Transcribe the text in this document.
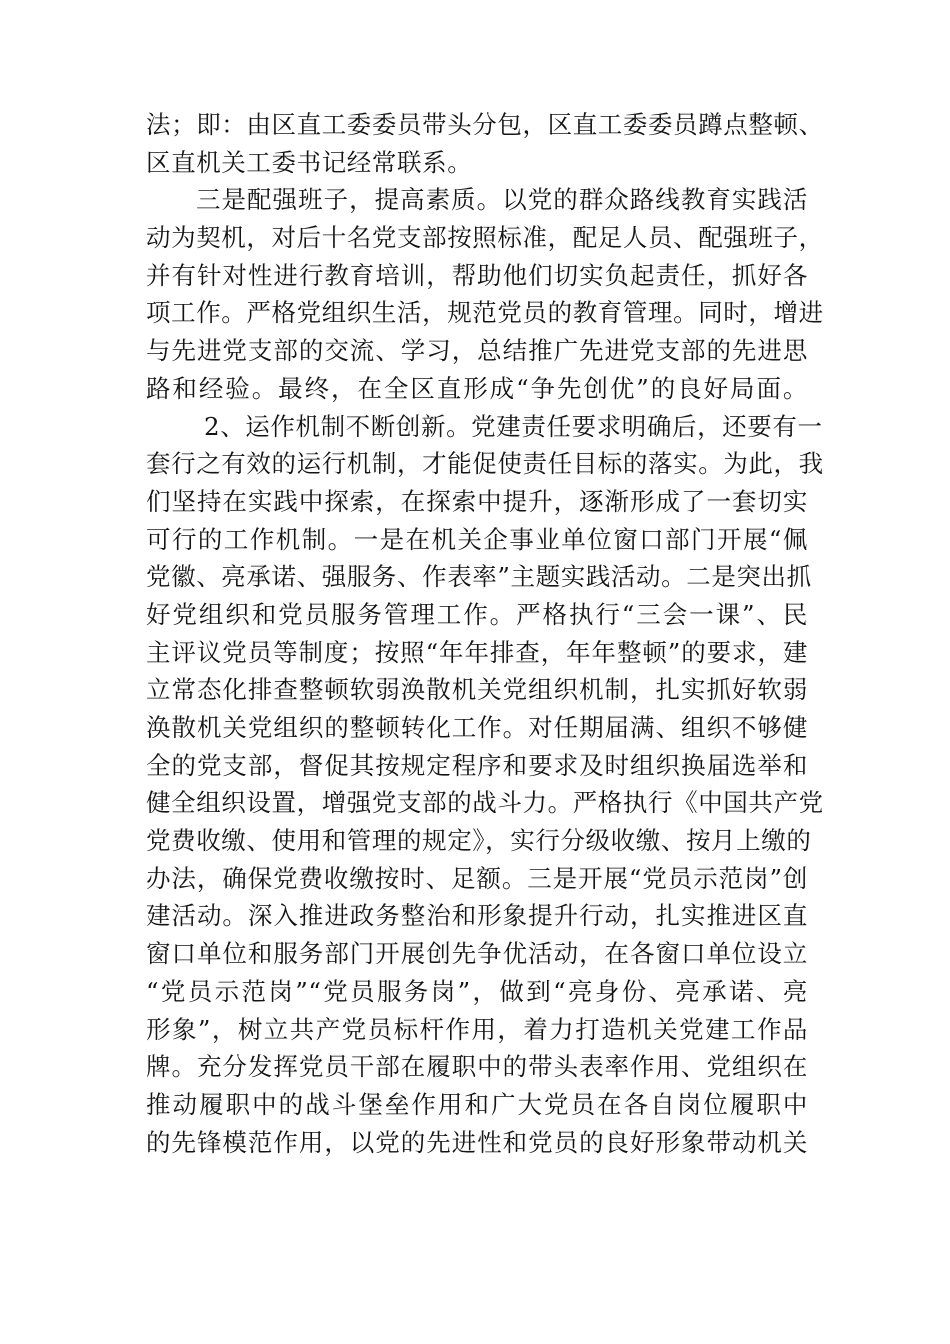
法；即：由区直工委委员带头分包，区直工委委员蹲点整顿、
区直机关工委书记经常联系。
三是配强班子，提高素质。以党的群众路线教育实践活
动为契机，对后十名党支部按照标准，配足人员、配强班子，
并有针对性进行教育培训，帮助他们切实负起责任，抓好各
项工作。严格党组织生活，规范党员的教育管理。同时，增进
与先进党支部的交流、学习，总结推广先进党支部的先进思
路和经验。最终，在全区直形成“争先创优”的良好局面。
2、运作机制不断创新。党建责任要求明确后，还要有一
套行之有效的运行机制，才能促使责任目标的落实。为此，我
们坚持在实践中探索，在探索中提升，逐渐形成了一套切实
可行的工作机制。一是在机关企事业单位窗口部门开展“佩
党徽、亮承诺、强服务、作表率”主题实践活动。二是突出抓
好党组织和党员服务管理工作。严格执行“三会一课”、民
主评议党员等制度；按照“年年排查，年年整顿”的要求，建
立常态化排查整顿软弱涣散机关党组织机制，扎实抓好软弱
涣散机关党组织的整顿转化工作。对任期届满、组织不够健
全的党支部，督促其按规定程序和要求及时组织换届选举和
健全组织设置，增强党支部的战斗力。严格执行《中国共产党
党费收缴、使用和管理的规定》，实行分级收缴、按月上缴的
办法，确保党费收缴按时、足额。三是开展“党员示范岗”创
建活动。深入推进政务整治和形象提升行动，扎实推进区直
窗口单位和服务部门开展创先争优活动，在各窗口单位设立
“党员示范岗”“党员服务岗”，做到“亮身份、亮承诺、亮
形象”，树立共产党员标杆作用，着力打造机关党建工作品
牌。充分发挥党员干部在履职中的带头表率作用、党组织在
推动履职中的战斗堡垒作用和广大党员在各自岗位履职中
的先锋模范作用，以党的先进性和党员的良好形象带动机关
